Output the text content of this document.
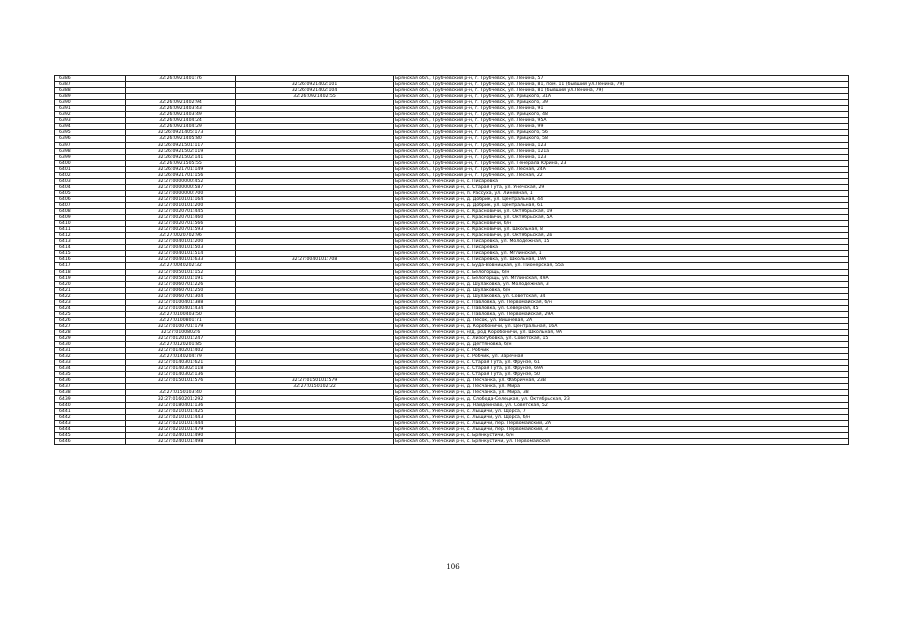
6386	32:26:0921401:76		Брянская обл., Трубчевский р-н, г. Трубчевск, ул. Ленина, 57
6387		32:26:0921402:101	Брянская обл., Трубчевский р-н, г. Трубчевск, ул. Ленина, 81, пом. 11 (бывший ул.Ленина, 79)
6388		32:26:0921402:104	Брянская обл., Трубчевский р-н, г. Трубчевск, ул. Ленина, 81 (бывший ул.Ленина, 79)
6389		32:26:0921402:55	Брянская обл., Трубчевский р-н, г. Трубчевск, ул. Урицкого, 31А
6390	32:26:0921402:94		Брянская обл., Трубчевский р-н, г. Трубчевск, ул. Урицкого, 39
6391	32:26:0921403:43		Брянская обл., Трубчевский р-н, г. Трубчевск, ул. Ленина, 91
6392	32:26:0921403:49		Брянская обл., Трубчевский р-н, г. Трубчевск, ул. Урицкого, 48
6393	32:26:0921404:24		Брянская обл., Трубчевский р-н, г. Трубчевск, ул. Ленина, 95А
6394	32:26:0921404:29		Брянская обл., Трубчевский р-н, г. Трубчевск, ул. Ленина, 99
6395	32:26:0921405:173		Брянская обл., Трубчевский р-н, г. Трубчевск, ул. Урицкого, 56
6396	32:26:0921405:80		Брянская обл., Трубчевский р-н, г. Трубчевск, ул. Урицкого, 58
6397	32:26:0921501:117		Брянская обл., Трубчевский р-н, г. Трубчевск, ул. Ленина, 123
6398	32:26:0921502:119		Брянская обл., Трубчевский р-н, г. Трубчевск, ул. Ленина, 121а
6399	32:26:0921502:141		Брянская обл., Трубчевский р-н, г. Трубчевск, ул. Ленина, 123
6400	32:26:0921505:55		Брянская обл., Трубчевский р-н, г. Трубчевск, ул. Генерала Юрина, 23
6401	32:26:0921701:149		Брянская обл., Трубчевский р-н, г. Трубчевск, ул. Лесная, 24А
6402	32:26:0921701:156		Брянская обл., Трубчевский р-н, г. Трубчевск, ул. Лесная, 22
6403	32:27:0000000:452		Брянская обл., Унечский р-н, с. Писаревка
6404	32:27:0000000:587		Брянская обл., Унечский р-н, с. Старая Гута, ул. Унечская, 29
6405	32:27:0000000:700		Брянская обл., Унечский р-н, п. Рассуха, ул. Линейная, 1
6406	32:27:0010101:164		Брянская обл., Унечский р-н, д. Добрик, ул. Центральная, 44
6407	32:27:0010101:200		Брянская обл., Унечский р-н, д. Добрик, ул. Центральная, 61
6408	32:27:0020701:445		Брянская обл., Унечский р-н, с. Красновичи, ул. Октябрьская, 19
6409	32:27:0020701:460		Брянская обл., Унечский р-н, с. Красновичи, ул. Октябрьская, 5А
6410	32:27:0020701:566		Брянская обл., Унечский р-н, с. Красновичи, б/н
6411	32:27:0020701:593		Брянская обл., Унечский р-н, с. Красновичи, ул. Школьная, 8
6412	32:27:0020702:96		Брянская обл., Унечский р-н, с. Красновичи, ул. Октябрьская, 2в
6413	32:27:0040101:200		Брянская обл., Унечский р-н, с. Писаревка, ул. Молодежная, 15
6414	32:27:0040101:503		Брянская обл., Унечский р-н, с. Писаревка
6415	32:27:0040101:514		Брянская обл., Унечский р-н, с. Писаревка, ул. Мглинская, 1
6416	32:27:0040101:633	32:27:0040101:708	Брянская обл., Унечский р-н, с. Писаревка, ул. Школьная, 19А
6417	32:27:0040202:32		Брянская обл., Унечский р-н, с. Буда-Вовницкая, ул. Пионерская, 55а
6418	32:27:0050101:152		Брянская обл., Унечский р-н, с. Белогорщь, б/н
6419	32:27:0050101:191		Брянская обл., Унечский р-н, с. Белогорщь, ул. Мглинская, 49А
6420	32:27:0060701:226		Брянская обл., Унечский р-н, д. Шулаковка, ул. Молодежная, 3
6421	32:27:0060701:250		Брянская обл., Унечский р-н, д. Шулаковка, б/н
6422	32:27:0060701:304		Брянская обл., Унечский р-н, д. Шулаковка, ул. Советская, 34
6423	32:27:0100401:388		Брянская обл., Унечский р-н, с. Павловка, ул. Первомайская, б/н
6424	32:27:0100401:434		Брянская обл., Унечский р-н, с. Павловка, ул. Северная, 45
6425	32:27:0100403:50		Брянская обл., Унечский р-н, с. Павловка, ул. Первомайская, 29А
6426	32:27:0100801:71		Брянская обл., Унечский р-н, д. Песок, ул. Вишневая, 2А
6427	32:27:0100701:179		Брянская обл., Унечский р-н, д. Коробоничи, ул. Центральная, 16А
6428	32:27:0100802:6		Брянская обл., Унечский р-н, н/д, род Коробоничи, ул. Школьная, 9А
6429	32:27:0120101:247		Брянская обл., Унечский р-н, с. Лизогубовка, ул. Советская, 15
6430	32:27:0120201:85		Брянская обл., Унечский р-н, д. Дегтяновка, б/н
6431	32:27:0140201:402		Брянская обл., Унечский р-н, с. Робчик
6432	32:27:0140204:79		Брянская обл., Унечский р-н, с. Робчик, ул. Заречная
6433	32:27:0140301:621		Брянская обл., Унечский р-н, с. Старая Гута, ул. Фрунзе, 61
6434	32:27:0140302:118		Брянская обл., Унечский р-н, с. Старая Гута, ул. Фрунзе, 69А
6435	32:27:0140302:136		Брянская обл., Унечский р-н, с. Старая Гута, ул. Фрунзе, 50
6436	32:27:0150101:576	32:27:0150101:579	Брянская обл., Унечский р-н, д. Песчанка, ул. Фабричная, 23В
6437		32:27:0150102:22	Брянская обл., Унечский р-н, д. Песчанка, ул. Мира
6438	32:27:0150103:40		Брянская обл., Унечский р-н, д. Песчанка, ул. Мира, 38
6439	32:27:0160201:292		Брянская обл., Унечский р-н, д. Слобода-Селецкая, ул. Октябрьская, 23
6440	32:27:0180401:136		Брянская обл., Унечский р-н, д. Найдеинаво, ул. Советская, 52
6441	32:27:0210101:425		Брянская обл., Унечский р-н, с. Лыщичи, ул. Щорса, 7
6442	32:27:0210101:443		Брянская обл., Унечский р-н, с. Лыщичи, ул. Щорса, б/н
6443	32:27:0210101:444		Брянская обл., Унечский р-н, с. Лыщичи, пер. Первомайский, 2А
6444	32:27:0210101:479		Брянская обл., Унечский р-н, с. Лыщичи, пер. Первомайский, 3
6445	32:27:0240101:490		Брянская обл., Унечский р-н, с. Брянкустичи, б/н
6446	32:27:0240101:498		Брянская обл., Унечский р-н, с. Брянкустичи, ул. Первомайская
106
